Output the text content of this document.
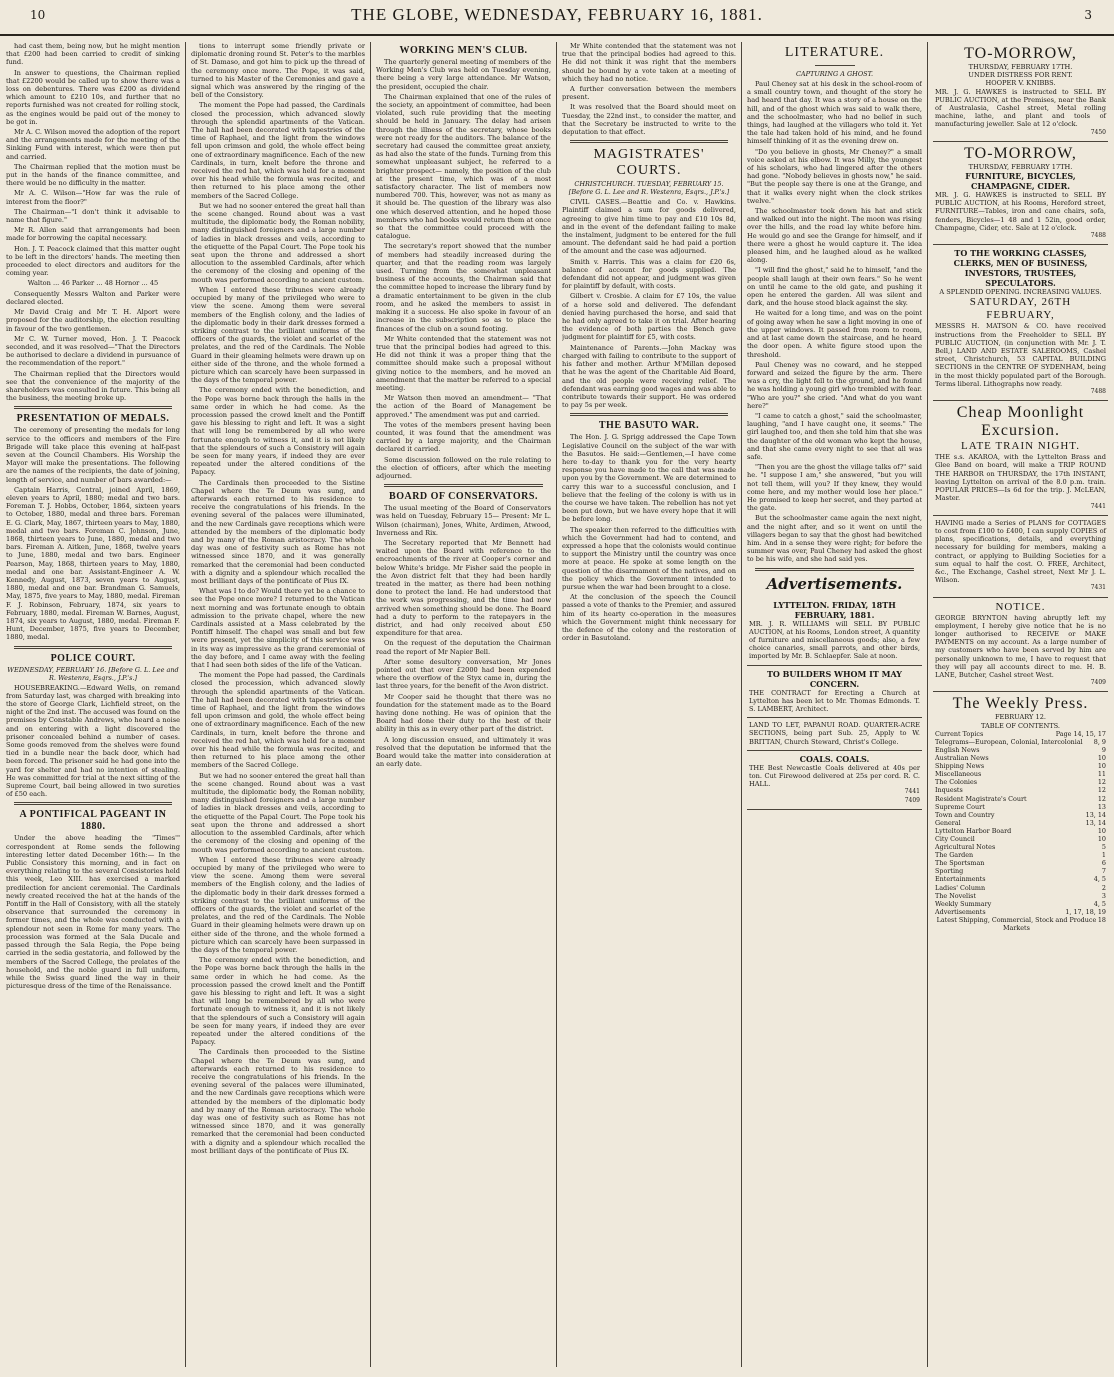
10	THE GLOBE, WEDNESDAY, FEBRUARY 16, 1881.	3

had cast them, being now, but he might mention that £200 had been carried to credit of sinking fund.

In answer to questions, the Chairman replied that £2200 would be called up to show there was a loss on debentures. There was £200 as dividend which amount to £210 10s, and further that no reports furnished was not created for rolling stock, as the engines would be paid out of the money to be got in.

Mr A. C. Wilson moved the adoption of the report and the arrangements made for the meeting of the Sinking Fund with interest, which were then put and carried.

The Chairman replied that the motion must be put in the hands of the finance committee, and there would be no difficulty in the matter.

Mr A. C. Wilson—"How far was the rule of interest from the floor?"

The Chairman—"I don't think it advisable to name that figure."

Mr R. Allen said that arrangements had been made for borrowing the capital necessary.

Hon. J. T. Peacock claimed that this matter ought to be left in the directors' hands. The meeting then proceeded to elect directors and auditors for the coming year.

Walton ... 46 Parker ... 48 Hornor ... 45

Consequently Messrs Walton and Parker were declared elected.

Mr David Craig and Mr T. H. Alport were proposed for the auditorship, the election resulting in favour of the two gentlemen.

Mr C. W. Turner moved, Hon. J. T. Peacock seconded, and it was resolved—"That the Directors be authorised to declare a dividend in pursuance of the recommendation of the report."

The Chairman replied that the Directors would see that the convenience of the majority of the shareholders was consulted in future. This being all the business, the meeting broke up.

PRESENTATION OF MEDALS.

The ceremony of presenting the medals for long service to the officers and members of the Fire Brigade will take place this evening at half-past seven at the Council Chambers. His Worship the Mayor will make the presentations. The following are the names of the recipients, the date of joining, length of service, and number of bars awarded:—

Captain Harris, Central, joined April, 1869, eleven years to April, 1880; medal and two bars. Foreman T. J. Hobbs, October, 1864, sixteen years to October, 1880, medal and three bars. Foreman E. G. Clark, May, 1867, thirteen years to May, 1880, medal and two bars. Foreman C. Johnson, June, 1868, thirteen years to June, 1880, medal and two bars. Fireman A. Aitken, June, 1868, twelve years to June, 1880, medal and two bars. Engineer Pearson, May, 1868, thirteen years to May, 1880, medal and one bar. Assistant-Engineer A. W. Kennedy, August, 1873, seven years to August, 1880, medal and one bar. Brandman G. Samuels, May, 1875, five years to May, 1880, medal. Fireman F. J. Robinson, February, 1874, six years to February, 1880, medal. Fireman W. Barnes, August, 1874, six years to August, 1880, medal. Fireman F. Hunt, December, 1875, five years to December, 1880, medal.

POLICE COURT.
WEDNESDAY, FEBRUARY 16. [Before G. L. Lee and R. Westenra, Esqrs., J.P.'s.]

HOUSEBREAKING.—Edward Wells, on remand from Saturday last, was charged with breaking into the store of George Clark, Lichfield street, on the night of the 2nd inst. The accused was found on the premises by Constable Andrews, who heard a noise and on entering with a light discovered the prisoner concealed behind a number of cases. Some goods removed from the shelves were found tied in a bundle near the back door, which had been forced. The prisoner said he had gone into the yard for shelter and had no intention of stealing. He was committed for trial at the next sitting of the Supreme Court, bail being allowed in two sureties of £50 each.

A PONTIFICAL PAGEANT IN 1880.

Under the above heading the "Times'" correspondent at Rome sends the following interesting letter dated December 16th:— In the Public Consistory this morning, and in fact on everything relating to the several Consistories held this week, Leo XIII. has exercised a marked predilection for ancient ceremonial. The Cardinals newly created received the hat at the hands of the Pontiff in the Hall of Consistory, with all the stately observance that surrounded the ceremony in former times, and the whole was conducted with a splendour not seen in Rome for many years. The procession was formed at the Sala Ducale and passed through the Sala Regia, the Pope being carried in the sedia gestatoria, and followed by the members of the Sacred College, the prelates of the household, and the noble guard in full uniform, while the Swiss guard lined the way in their picturesque dress of the time of the Renaissance.

tions to interrupt some friendly private or diplomatic droning round St. Peter's to the marbles of St. Damaso, and got him to pick up the thread of the ceremony once more. The Pope, it was said, turned to his Master of the Ceremonies and gave a signal which was answered by the ringing of the bell of the Consistory.

The moment the Pope had passed, the Cardinals closed the procession, which advanced slowly through the splendid apartments of the Vatican. The hall had been decorated with tapestries of the time of Raphael, and the light from the windows fell upon crimson and gold, the whole effect being one of extraordinary magnificence. Each of the new Cardinals, in turn, knelt before the throne and received the red hat, which was held for a moment over his head while the formula was recited, and then returned to his place among the other members of the Sacred College.

But we had no sooner entered the great hall than the scene changed. Round about was a vast multitude, the diplomatic body, the Roman nobility, many distinguished foreigners and a large number of ladies in black dresses and veils, according to the etiquette of the Papal Court. The Pope took his seat upon the throne and addressed a short allocution to the assembled Cardinals, after which the ceremony of the closing and opening of the mouth was performed according to ancient custom.

When I entered these tribunes were already occupied by many of the privileged who were to view the scene. Among them were several members of the English colony, and the ladies of the diplomatic body in their dark dresses formed a striking contrast to the brilliant uniforms of the officers of the guards, the violet and scarlet of the prelates, and the red of the Cardinals. The Noble Guard in their gleaming helmets were drawn up on either side of the throne, and the whole formed a picture which can scarcely have been surpassed in the days of the temporal power.

The ceremony ended with the benediction, and the Pope was borne back through the halls in the same order in which he had come. As the procession passed the crowd knelt and the Pontiff gave his blessing to right and left. It was a sight that will long be remembered by all who were fortunate enough to witness it, and it is not likely that the splendours of such a Consistory will again be seen for many years, if indeed they are ever repeated under the altered conditions of the Papacy.

The Cardinals then proceeded to the Sistine Chapel where the Te Deum was sung, and afterwards each returned to his residence to receive the congratulations of his friends. In the evening several of the palaces were illuminated, and the new Cardinals gave receptions which were attended by the members of the diplomatic body and by many of the Roman aristocracy. The whole day was one of festivity such as Rome has not witnessed since 1870, and it was generally remarked that the ceremonial had been conducted with a dignity and a splendour which recalled the most brilliant days of the pontificate of Pius IX.

What was I to do? Would there yet be a chance to see the Pope once more? I returned to the Vatican next morning and was fortunate enough to obtain admission to the private chapel, where the new Cardinals assisted at a Mass celebrated by the Pontiff himself. The chapel was small and but few were present, yet the simplicity of this service was in its way as impressive as the grand ceremonial of the day before, and I came away with the feeling that I had seen both sides of the life of the Vatican.

The moment the Pope had passed, the Cardinals closed the procession, which advanced slowly through the splendid apartments of the Vatican. The hall had been decorated with tapestries of the time of Raphael, and the light from the windows fell upon crimson and gold, the whole effect being one of extraordinary magnificence. Each of the new Cardinals, in turn, knelt before the throne and received the red hat, which was held for a moment over his head while the formula was recited, and then returned to his place among the other members of the Sacred College.

But we had no sooner entered the great hall than the scene changed. Round about was a vast multitude, the diplomatic body, the Roman nobility, many distinguished foreigners and a large number of ladies in black dresses and veils, according to the etiquette of the Papal Court. The Pope took his seat upon the throne and addressed a short allocution to the assembled Cardinals, after which the ceremony of the closing and opening of the mouth was performed according to ancient custom.

When I entered these tribunes were already occupied by many of the privileged who were to view the scene. Among them were several members of the English colony, and the ladies of the diplomatic body in their dark dresses formed a striking contrast to the brilliant uniforms of the officers of the guards, the violet and scarlet of the prelates, and the red of the Cardinals. The Noble Guard in their gleaming helmets were drawn up on either side of the throne, and the whole formed a picture which can scarcely have been surpassed in the days of the temporal power.

The ceremony ended with the benediction, and the Pope was borne back through the halls in the same order in which he had come. As the procession passed the crowd knelt and the Pontiff gave his blessing to right and left. It was a sight that will long be remembered by all who were fortunate enough to witness it, and it is not likely that the splendours of such a Consistory will again be seen for many years, if indeed they are ever repeated under the altered conditions of the Papacy.

The Cardinals then proceeded to the Sistine Chapel where the Te Deum was sung, and afterwards each returned to his residence to receive the congratulations of his friends. In the evening several of the palaces were illuminated, and the new Cardinals gave receptions which were attended by the members of the diplomatic body and by many of the Roman aristocracy. The whole day was one of festivity such as Rome has not witnessed since 1870, and it was generally remarked that the ceremonial had been conducted with a dignity and a splendour which recalled the most brilliant days of the pontificate of Pius IX.

WORKING MEN'S CLUB.

The quarterly general meeting of members of the Working Men's Club was held on Tuesday evening, there being a very large attendance. Mr Watson, the president, occupied the chair.

The Chairman explained that one of the rules of the society, an appointment of committee, had been violated, such rule providing that the meeting should be held in January. The delay had arisen through the illness of the secretary, whose books were not ready for the auditors. The balance of the secretary had caused the committee great anxiety, as had also the state of the funds. Turning from this somewhat unpleasant subject, he referred to a brighter prospect— namely, the position of the club at the present time, which was of a most satisfactory character. The list of members now numbered 700. This, however, was not as many as it should be. The question of the library was also one which deserved attention, and he hoped those members who had books would return them at once so that the committee could proceed with the catalogue.

The secretary's report showed that the number of members had steadily increased during the quarter, and that the reading room was largely used. Turning from the somewhat unpleasant business of the accounts, the Chairman said that the committee hoped to increase the library fund by a dramatic entertainment to be given in the club room, and he asked the members to assist in making it a success. He also spoke in favour of an increase in the subscription so as to place the finances of the club on a sound footing.

Mr White contended that the statement was not true that the principal bodies had agreed to this. He did not think it was a proper thing that the committee should make such a proposal without giving notice to the members, and he moved an amendment that the matter be referred to a special meeting.

Mr Watson then moved an amendment— "That the action of the Board of Management be approved." The amendment was put and carried.

The votes of the members present having been counted, it was found that the amendment was carried by a large majority, and the Chairman declared it carried.

Some discussion followed on the rule relating to the election of officers, after which the meeting adjourned.

BOARD OF CONSERVATORS.

The usual meeting of the Board of Conservators was held on Tuesday, February 15— Present: Mr L. Wilson (chairman), Jones, White, Ardimen, Atwood, Inverness and Rix.

The Secretary reported that Mr Bennett had waited upon the Board with reference to the encroachments of the river at Cooper's corner and below White's bridge. Mr Fisher said the people in the Avon district felt that they had been hardly treated in the matter, as there had been nothing done to protect the land. He had understood that the work was progressing, and the time had now arrived when something should be done. The Board had a duty to perform to the ratepayers in the district, and had only received about £50 expenditure for that area.

On the request of the deputation the Chairman read the report of Mr Napier Bell.

After some desultory conversation, Mr Jones pointed out that over £2000 had been expended where the overflow of the Styx came in, during the last three years, for the benefit of the Avon district.

Mr Cooper said he thought that there was no foundation for the statement made as to the Board having done nothing. He was of opinion that the Board had done their duty to the best of their ability in this as in every other part of the district.

A long discussion ensued, and ultimately it was resolved that the deputation be informed that the Board would take the matter into consideration at an early date.

Mr White contended that the statement was not true that the principal bodies had agreed to this. He did not think it was right that the members should be bound by a vote taken at a meeting of which they had no notice.

A further conversation between the members present.

It was resolved that the Board should meet on Tuesday, the 22nd inst., to consider the matter, and that the Secretary be instructed to write to the deputation to that effect.

MAGISTRATES' COURTS.
CHRISTCHURCH. TUESDAY, FEBRUARY 15. [Before G. L. Lee and R. Westenra, Esqrs., J.P.'s.]

CIVIL CASES.—Beattie and Co. v. Hawkins. Plaintiff claimed a sum for goods delivered, agreeing to give him time to pay and £10 10s 8d, and in the event of the defendant failing to make the instalment, judgment to be entered for the full amount. The defendant said he had paid a portion of the amount and the case was adjourned.

Smith v. Harris. This was a claim for £20 6s, balance of account for goods supplied. The defendant did not appear, and judgment was given for plaintiff by default, with costs.

Gilbert v. Crosbie. A claim for £7 10s, the value of a horse sold and delivered. The defendant denied having purchased the horse, and said that he had only agreed to take it on trial. After hearing the evidence of both parties the Bench gave judgment for plaintiff for £5, with costs.

Maintenance of Parents.—John Mackay was charged with failing to contribute to the support of his father and mother. Arthur M'Millan deposed that he was the agent of the Charitable Aid Board, and the old people were receiving relief. The defendant was earning good wages and was able to contribute towards their support. He was ordered to pay 5s per week.

THE BASUTO WAR.

The Hon. J. G. Sprigg addressed the Cape Town Legislative Council on the subject of the war with the Basutos. He said:—Gentlemen,—I have come here to-day to thank you for the very hearty response you have made to the call that was made upon you by the Government. We are determined to carry this war to a successful conclusion, and I believe that the feeling of the colony is with us in the course we have taken. The rebellion has not yet been put down, but we have every hope that it will be before long.

The speaker then referred to the difficulties with which the Government had had to contend, and expressed a hope that the colonists would continue to support the Ministry until the country was once more at peace. He spoke at some length on the question of the disarmament of the natives, and on the policy which the Government intended to pursue when the war had been brought to a close.

At the conclusion of the speech the Council passed a vote of thanks to the Premier, and assured him of its hearty co-operation in the measures which the Government might think necessary for the defence of the colony and the restoration of order in Basutoland.

LITERATURE.
CAPTURING A GHOST.

Paul Cheney sat at his desk in the school-room of a small country town, and thought of the story he had heard that day. It was a story of a house on the hill, and of the ghost which was said to walk there, and the schoolmaster, who had no belief in such things, had laughed at the villagers who told it. Yet the tale had taken hold of his mind, and he found himself thinking of it as the evening drew on.

"Do you believe in ghosts, Mr Cheney?" a small voice asked at his elbow. It was Milly, the youngest of his scholars, who had lingered after the others had gone. "Nobody believes in ghosts now," he said. "But the people say there is one at the Grange, and that it walks every night when the clock strikes twelve."

The schoolmaster took down his hat and stick and walked out into the night. The moon was rising over the hills, and the road lay white before him. He would go and see the Grange for himself, and if there were a ghost he would capture it. The idea pleased him, and he laughed aloud as he walked along.

"I will find the ghost," said he to himself, "and the people shall laugh at their own fears." So he went on until he came to the old gate, and pushing it open he entered the garden. All was silent and dark, and the house stood black against the sky.

He waited for a long time, and was on the point of going away when he saw a light moving in one of the upper windows. It passed from room to room, and at last came down the staircase, and he heard the door open. A white figure stood upon the threshold.

Paul Cheney was no coward, and he stepped forward and seized the figure by the arm. There was a cry, the light fell to the ground, and he found he was holding a young girl who trembled with fear. "Who are you?" she cried. "And what do you want here?"

"I came to catch a ghost," said the schoolmaster, laughing, "and I have caught one, it seems." The girl laughed too, and then she told him that she was the daughter of the old woman who kept the house, and that she came every night to see that all was safe.

"Then you are the ghost the village talks of?" said he. "I suppose I am," she answered, "but you will not tell them, will you? If they knew, they would come here, and my mother would lose her place." He promised to keep her secret, and they parted at the gate.

But the schoolmaster came again the next night, and the night after, and so it went on until the villagers began to say that the ghost had bewitched him. And in a sense they were right; for before the summer was over, Paul Cheney had asked the ghost to be his wife, and she had said yes.

Advertisements.
LYTTELTON. FRIDAY, 18TH FEBRUARY, 1881.
MR. J. R. WILLIAMS will SELL BY PUBLIC AUCTION, at his Rooms, London street, A quantity of furniture and miscellaneous goods; also, a few choice canaries, small parrots, and other birds, imported by Mr. B. Schlaepfer. Sale at noon.
TO BUILDERS WHOM IT MAY CONCERN.
THE CONTRACT for Erecting a Church at Lyttelton has been let to Mr. Thomas Edmonds. T. S. LAMBERT, Architect.
LAND TO LET, PAPANUI ROAD. QUARTER-ACRE SECTIONS, being part Sub. 25, Apply to W. BRITTAN, Church Steward, Christ's College.
COALS. COALS.
THE Best Newcastle Coals delivered at 40s per ton. Cut Firewood delivered at 25s per cord. R. C. HALL.
7441
7409
TO-MORROW,
THURSDAY, FEBRUARY 17TH.
UNDER DISTRESS FOR RENT.
HOOPER V. KNIBBS.
MR. J. G. HAWKES is instructed to SELL BY PUBLIC AUCTION, at the Premises, near the Bank of Australasia, Cashel street, Metal rolling machine, lathe, and plant and tools of manufacturing jeweller. Sale at 12 o'clock.
7450
TO-MORROW,
THURSDAY, FEBRUARY 17TH.
FURNITURE, BICYCLES, CHAMPAGNE, CIDER.
MR. J. G. HAWKES is instructed to SELL BY PUBLIC AUCTION, at his Rooms, Hereford street, FURNITURE—Tables, iron and cane chairs, sofa, fenders, Bicycles—1 48 and 1 52in, good order, Champagne, Cider, etc. Sale at 12 o'clock.
7488
TO THE WORKING CLASSES, CLERKS, MEN OF BUSINESS, INVESTORS, TRUSTEES, SPECULATORS.
A SPLENDID OPENING. INCREASING VALUES.
SATURDAY, 26TH FEBRUARY,
MESSRS H. MATSON & CO. have received instructions from the Freeholder to SELL BY PUBLIC AUCTION, (in conjunction with Mr. J. T. Bell,) LAND AND ESTATE SALEROOMS, Cashel street, Christchurch, 53 CAPITAL BUILDING SECTIONS in the CENTRE OF SYDENHAM, being in the most thickly populated part of the Borough. Terms liberal. Lithographs now ready.
7488
Cheap Moonlight Excursion.
LATE TRAIN NIGHT.
THE s.s. AKAROA, with the Lyttelton Brass and Glee Band on board, will make a TRIP ROUND THE HARBOR on THURSDAY, the 17th INSTANT, leaving Lyttelton on arrival of the 8.0 p.m. train. POPULAR PRICES—Is 6d for the trip. J. McLEAN, Master.
7441
HAVING made a Series of PLANS for COTTAGES to cost from £100 to £400, I can supply COPIES of plans, specifications, details, and everything necessary for building for members, making a contract, or applying to Building Societies for a sum equal to half the cost. O. FREE, Architect, &c., The Exchange, Cashel street, Next Mr J. L. Wilson.
7431
NOTICE.
GEORGE BRYNTON having abruptly left my employment, I hereby give notice that he is no longer authorised to RECEIVE or MAKE PAYMENTS on my account. As a large number of my customers who have been served by him are personally unknown to me, I have to request that they will pay all accounts direct to me. H. B. LANE, Butcher, Cashel street West.
7409
The Weekly Press.
FEBRUARY 12.
TABLE OF CONTENTS.
Current Topics	Page 14, 15, 17
Telegrams—European, Colonial, Intercolonial 8, 9
English News	9
Australian News	10
Shipping News	10
Miscellaneous	11
The Colonies	12
Inquests	12
Resident Magistrate's Court	12
Supreme Court	13
Town and Country	13, 14
General	13, 14
Lyttelton Harbor Board	10
City Council	10
Agricultural Notes	5
The Garden	1
The Sportsman	6
Sporting	7
Entertainments	4, 5
Ladies' Column	2
The Novelist	3
Weekly Summary	4, 5
Advertisements	1, 17, 18, 19
Latest Shipping, Commercial, Stock and Produce Markets
18
